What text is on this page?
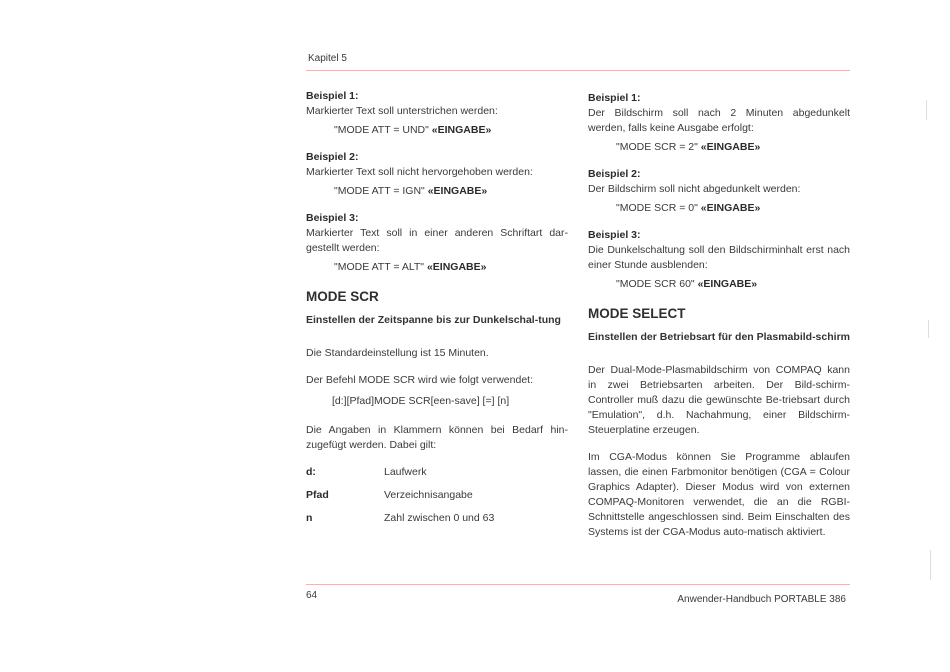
Kapitel 5
Beispiel 1:
Markierter Text soll unterstrichen werden:
"MODE ATT = UND" «EINGABE»
Beispiel 2:
Markierter Text soll nicht hervorgehoben werden:
"MODE ATT = IGN" «EINGABE»
Beispiel 3:
Markierter Text soll in einer anderen Schriftart dar-gestellt werden:
"MODE ATT = ALT" «EINGABE»
MODE SCR
Einstellen der Zeitspanne bis zur Dunkelschal-tung
Die Standardeinstellung ist 15 Minuten.
Der Befehl MODE SCR wird wie folgt verwendet:
[d:][Pfad]MODE SCR[een-save] [=] [n]
Die Angaben in Klammern können bei Bedarf hin-zugefügt werden. Dabei gilt:
d:	Laufwerk
Pfad	Verzeichnisangabe
n	Zahl zwischen 0 und 63
Beispiel 1:
Der Bildschirm soll nach 2 Minuten abgedunkelt werden, falls keine Ausgabe erfolgt:
"MODE SCR = 2" «EINGABE»
Beispiel 2:
Der Bildschirm soll nicht abgedunkelt werden:
"MODE SCR = 0" «EINGABE»
Beispiel 3:
Die Dunkelschaltung soll den Bildschirminhalt erst nach einer Stunde ausblenden:
"MODE SCR 60" «EINGABE»
MODE SELECT
Einstellen der Betriebsart für den Plasmabild-schirm
Der Dual-Mode-Plasmabildschirm von COMPAQ kann in zwei Betriebsarten arbeiten. Der Bild-schirm-Controller muß dazu die gewünschte Be-triebsart durch "Emulation", d.h. Nachahmung, einer Bildschirm-Steuerplatine erzeugen.
Im CGA-Modus können Sie Programme ablaufen lassen, die einen Farbmonitor benötigen (CGA = Colour Graphics Adapter). Dieser Modus wird von externen COMPAQ-Monitoren verwendet, die an die RGBI-Schnittstelle angeschlossen sind. Beim Einschalten des Systems ist der CGA-Modus auto-matisch aktiviert.
64	Anwender-Handbuch PORTABLE 386
